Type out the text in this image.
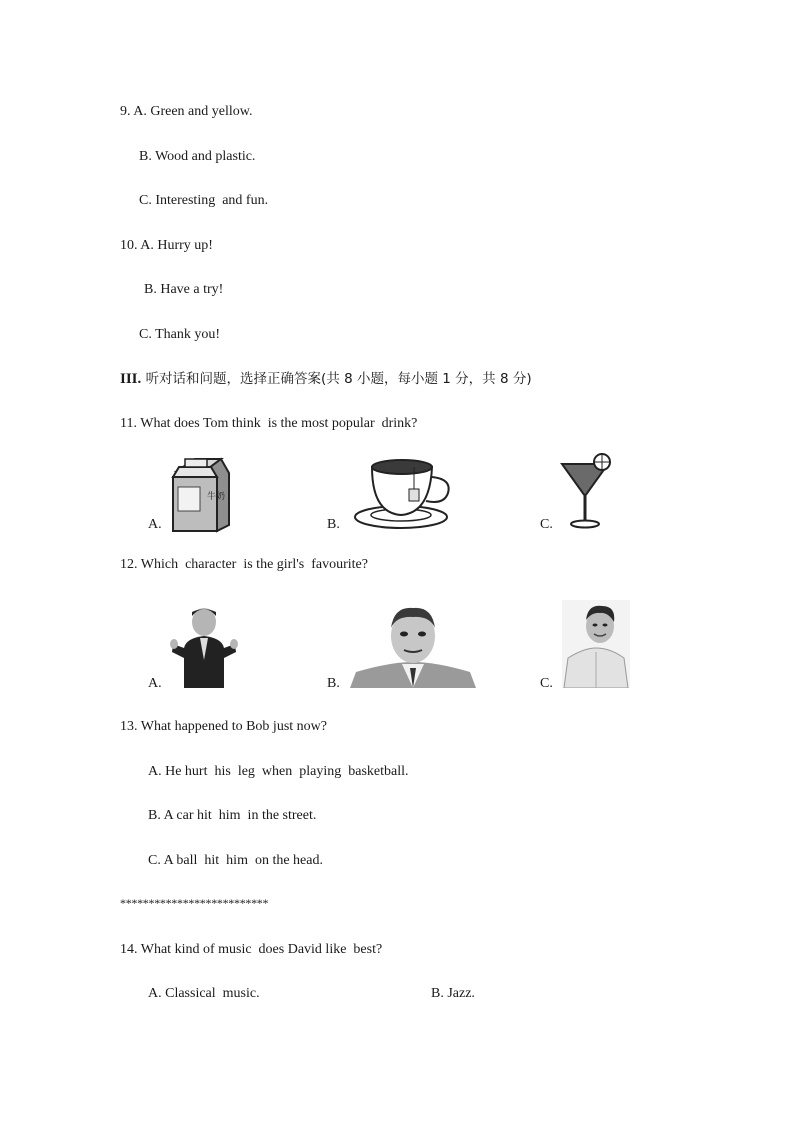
9. A. Green and yellow.
B. Wood and plastic.
C. Interesting  and fun.
10. A. Hurry up!
B. Have a try!
C. Thank you!
III. 听对话和问题，选择正确答案(共 8 小题，每小题 1 分，共 8 分)
11. What does Tom think  is the most popular  drink?
牛奶
A.	B.	C.
12. Which  character  is the girl's  favourite?
A.	B.	C.
13. What happened to Bob just now?
A. He hurt  his  leg  when  playing  basketball.
B. A car hit  him  in the street.
C. A ball  hit  him  on the head.
**************************
14. What kind of music  does David like  best?
A. Classical  music.	B. Jazz.
